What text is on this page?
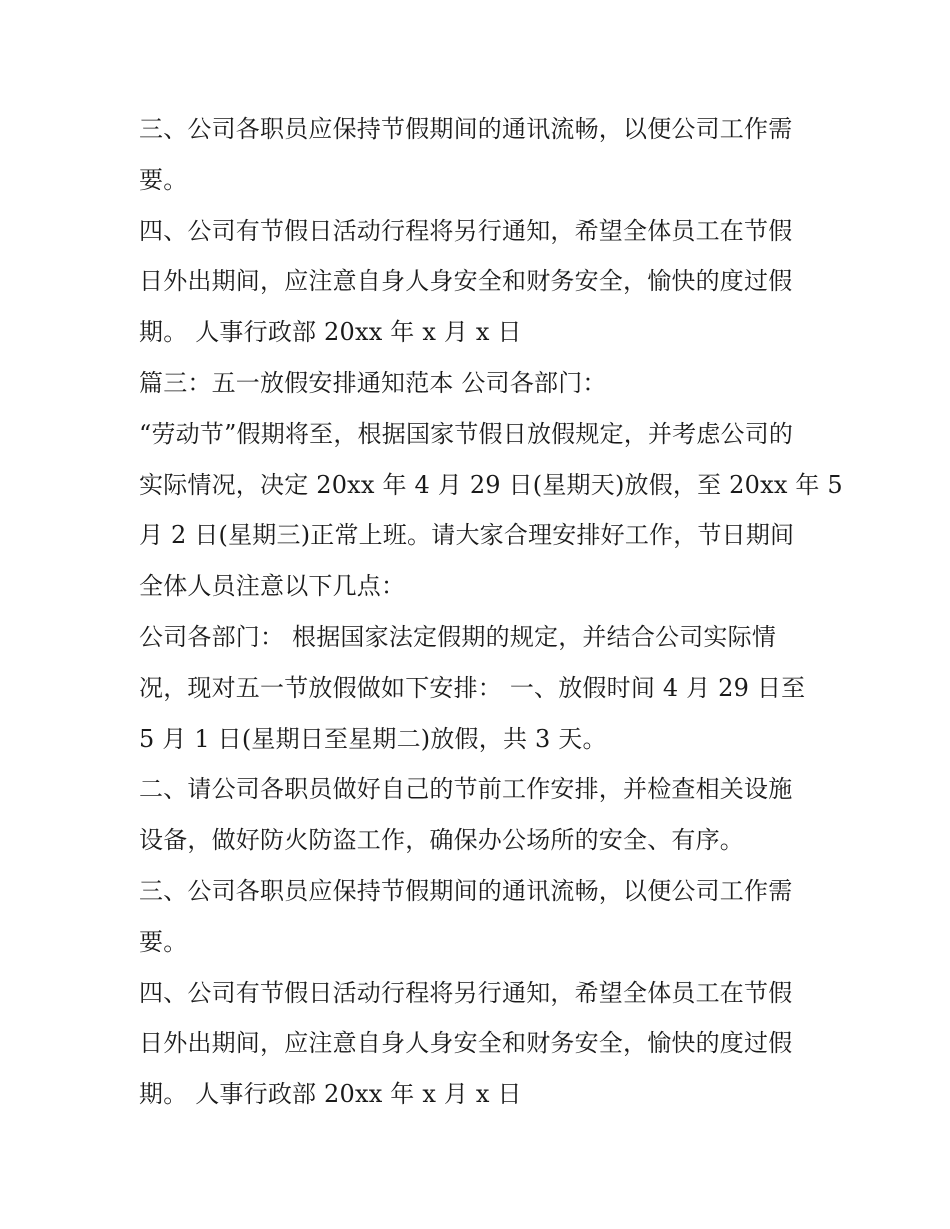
三、公司各职员应保持节假期间的通讯流畅，以便公司工作需
要。
四、公司有节假日活动行程将另行通知，希望全体员工在节假
日外出期间，应注意自身人身安全和财务安全，愉快的度过假
期。 人事行政部 20xx 年 x 月 x 日
篇三：五一放假安排通知范本 公司各部门：
“劳动节”假期将至，根据国家节假日放假规定，并考虑公司的
实际情况，决定 20xx 年 4 月 29 日(星期天)放假，至 20xx 年 5
月 2 日(星期三)正常上班。请大家合理安排好工作，节日期间
全体人员注意以下几点：
公司各部门： 根据国家法定假期的规定，并结合公司实际情
况，现对五一节放假做如下安排： 一、放假时间 4 月 29 日至
5 月 1 日(星期日至星期二)放假，共 3 天。
二、请公司各职员做好自己的节前工作安排，并检查相关设施
设备，做好防火防盗工作，确保办公场所的安全、有序。
三、公司各职员应保持节假期间的通讯流畅，以便公司工作需
要。
四、公司有节假日活动行程将另行通知，希望全体员工在节假
日外出期间，应注意自身人身安全和财务安全，愉快的度过假
期。 人事行政部 20xx 年 x 月 x 日
